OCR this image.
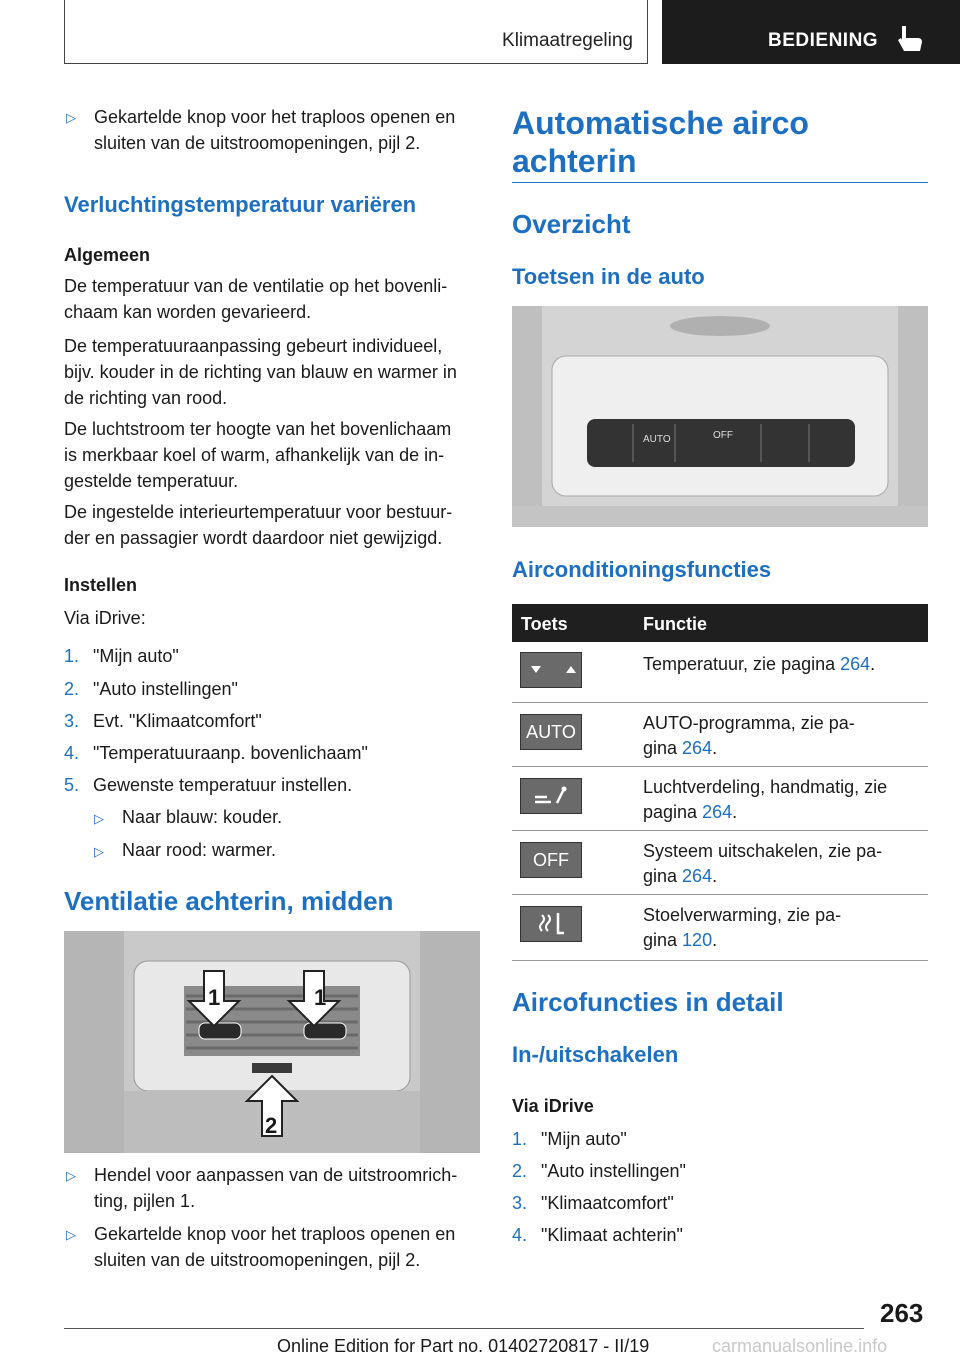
Klimaatregeling	BEDIENING
▷ Gekartelde knop voor het traploos openen en
sluiten van de uitstroomopeningen, pijl 2.
Verluchtingstemperatuur variëren
Algemeen
De temperatuur van de ventilatie op het bovenli-
chaam kan worden gevarieerd.
De temperatuuraanpassing gebeurt individueel,
bijv. kouder in de richting van blauw en warmer in
de richting van rood.
De luchtstroom ter hoogte van het bovenlichaam
is merkbaar koel of warm, afhankelijk van de in-
gestelde temperatuur.
De ingestelde interieurtemperatuur voor bestuur-
der en passagier wordt daardoor niet gewijzigd.
Instellen
Via iDrive:
1. "Mijn auto"
2. "Auto instellingen"
3. Evt. "Klimaatcomfort"
4. "Temperatuuraanp. bovenlichaam"
5. Gewenste temperatuur instellen.
▷ Naar blauw: kouder.
▷ Naar rood: warmer.
Ventilatie achterin, midden
1	1
2
▷ Hendel voor aanpassen van de uitstroomrich-
ting, pijlen 1.
▷ Gekartelde knop voor het traploos openen en
sluiten van de uitstroomopeningen, pijl 2.
Automatische airco
achterin
Overzicht
Toetsen in de auto
AUTO	OFF
Airconditioningsfuncties
Toets	Functie
Temperatuur, zie pagina 264.
AUTO	AUTO-programma, zie pa-
gina 264.
Luchtverdeling, handmatig, zie
pagina 264.
OFF	Systeem uitschakelen, zie pa-
gina 264.
Stoelverwarming, zie pa-
gina 120.
Aircofuncties in detail
In-/uitschakelen
Via iDrive
1. "Mijn auto"
2. "Auto instellingen"
3. "Klimaatcomfort"
4. "Klimaat achterin"
263
Online Edition for Part no. 01402720817 - II/19	carmanualsonline.info
